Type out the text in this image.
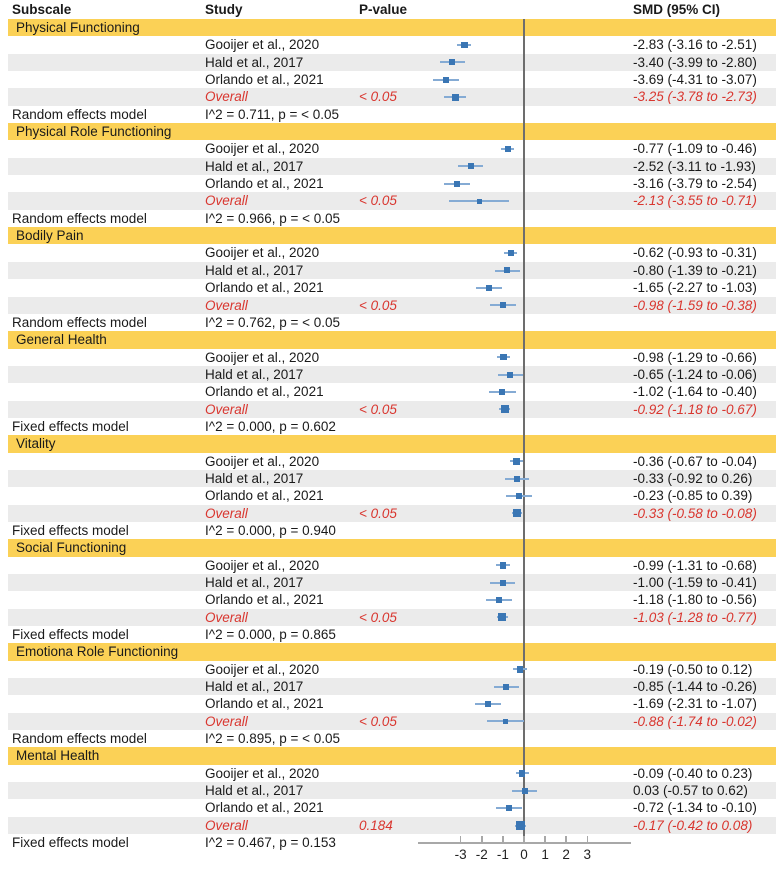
Subscale	Study	P-value	SMD (95% CI)
Physical Functioning
Gooijer et al., 2020	-2.83 (-3.16 to -2.51)
Hald et al., 2017	-3.40 (-3.99 to -2.80)
Orlando et al., 2021	-3.69 (-4.31 to -3.07)
Overall	< 0.05	-3.25 (-3.78 to -2.73)
Random effects model	I^2 = 0.711, p = < 0.05
Physical Role Functioning
Gooijer et al., 2020	-0.77 (-1.09 to -0.46)
Hald et al., 2017	-2.52 (-3.11 to -1.93)
Orlando et al., 2021	-3.16 (-3.79 to -2.54)
Overall	< 0.05	-2.13 (-3.55 to -0.71)
Random effects model	I^2 = 0.966, p = < 0.05
Bodily Pain
Gooijer et al., 2020	-0.62 (-0.93 to -0.31)
Hald et al., 2017	-0.80 (-1.39 to -0.21)
Orlando et al., 2021	-1.65 (-2.27 to -1.03)
Overall	< 0.05	-0.98 (-1.59 to -0.38)
Random effects model	I^2 = 0.762, p = < 0.05
General Health
Gooijer et al., 2020	-0.98 (-1.29 to -0.66)
Hald et al., 2017	-0.65 (-1.24 to -0.06)
Orlando et al., 2021	-1.02 (-1.64 to -0.40)
Overall	< 0.05	-0.92 (-1.18 to -0.67)
Fixed effects model	I^2 = 0.000, p = 0.602
Vitality
Gooijer et al., 2020	-0.36 (-0.67 to -0.04)
Hald et al., 2017	-0.33 (-0.92 to 0.26)
Orlando et al., 2021	-0.23 (-0.85 to 0.39)
Overall	< 0.05	-0.33 (-0.58 to -0.08)
Fixed effects model	I^2 = 0.000, p = 0.940
Social Functioning
Gooijer et al., 2020	-0.99 (-1.31 to -0.68)
Hald et al., 2017	-1.00 (-1.59 to -0.41)
Orlando et al., 2021	-1.18 (-1.80 to -0.56)
Overall	< 0.05	-1.03 (-1.28 to -0.77)
Fixed effects model	I^2 = 0.000, p = 0.865
Emotiona Role Functioning
Gooijer et al., 2020	-0.19 (-0.50 to 0.12)
Hald et al., 2017	-0.85 (-1.44 to -0.26)
Orlando et al., 2021	-1.69 (-2.31 to -1.07)
Overall	< 0.05	-0.88 (-1.74 to -0.02)
Random effects model	I^2 = 0.895, p = < 0.05
Mental Health
Gooijer et al., 2020	-0.09 (-0.40 to 0.23)
Hald et al., 2017	0.03 (-0.57 to 0.62)
Orlando et al., 2021	-0.72 (-1.34 to -0.10)
Overall	0.184	-0.17 (-0.42 to 0.08)
Fixed effects model	I^2 = 0.467, p = 0.153
-3 -2 -1 0	1	2	3
